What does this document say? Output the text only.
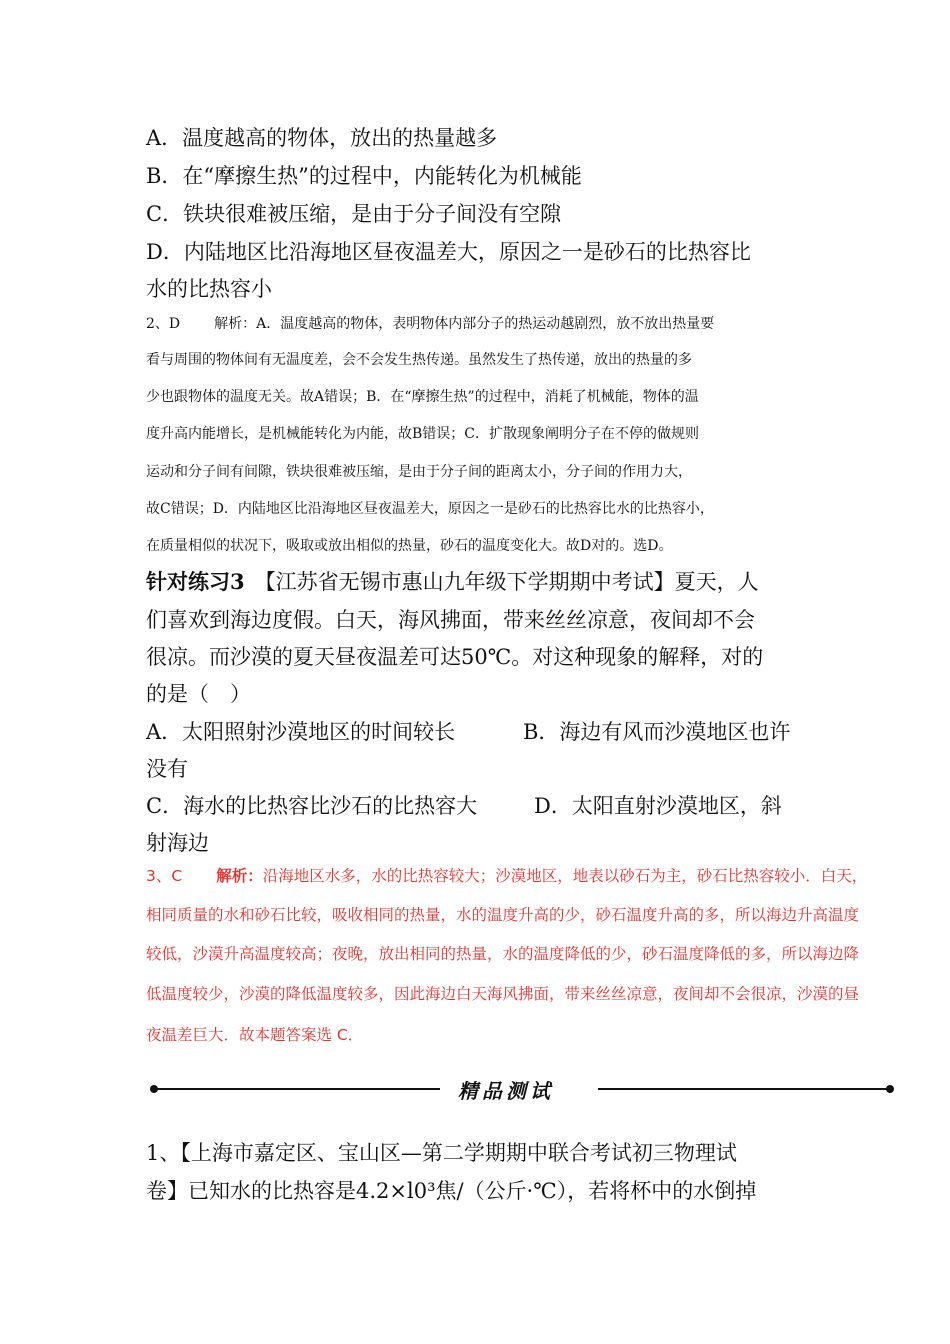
A．温度越高的物体，放出的热量越多
B．在“摩擦生热”的过程中，内能转化为机械能
C．铁块很难被压缩，是由于分子间没有空隙
D．内陆地区比沿海地区昼夜温差大，原因之一是砂石的比热容比
水的比热容小
2、D 解析：A．温度越高的物体，表明物体内部分子的热运动越剧烈，放不放出热量要
看与周围的物体间有无温度差，会不会发生热传递。虽然发生了热传递，放出的热量的多
少也跟物体的温度无关。故A错误；B．在“摩擦生热”的过程中，消耗了机械能，物体的温
度升高内能增长，是机械能转化为内能，故B错误；C．扩散现象阐明分子在不停的做规则
运动和分子间有间隙，铁块很难被压缩，是由于分子间的距离太小，分子间的作用力大，
故C错误；D．内陆地区比沿海地区昼夜温差大，原因之一是砂石的比热容比水的比热容小，
在质量相似的状况下，吸取或放出相似的热量，砂石的温度变化大。故D对的。选D。
针对练习3 【江苏省无锡市惠山九年级下学期期中考试】夏天，人
们喜欢到海边度假。白天，海风拂面，带来丝丝凉意，夜间却不会
很凉。而沙漠的夏天昼夜温差可达50℃。对这种现象的解释，对的
的是（　）
A．太阳照射沙漠地区的时间较长	B．海边有风而沙漠地区也许
没有
C．海水的比热容比沙石的比热容大	D．太阳直射沙漠地区，斜
射海边
3、C 解析：沿海地区水多，水的比热容较大；沙漠地区，地表以砂石为主，砂石比热容较小．白天，
相同质量的水和砂石比较，吸收相同的热量，水的温度升高的少，砂石温度升高的多，所以海边升高温度
较低，沙漠升高温度较高；夜晚，放出相同的热量，水的温度降低的少，砂石温度降低的多，所以海边降
低温度较少，沙漠的降低温度较多，因此海边白天海风拂面，带来丝丝凉意，夜间却不会很凉，沙漠的昼
夜温差巨大．故本题答案选 C．
精品测试
1、【上海市嘉定区、宝山区—第二学期期中联合考试初三物理试
卷】已知水的比热容是4.2×l0³焦/（公斤·℃），若将杯中的水倒掉
